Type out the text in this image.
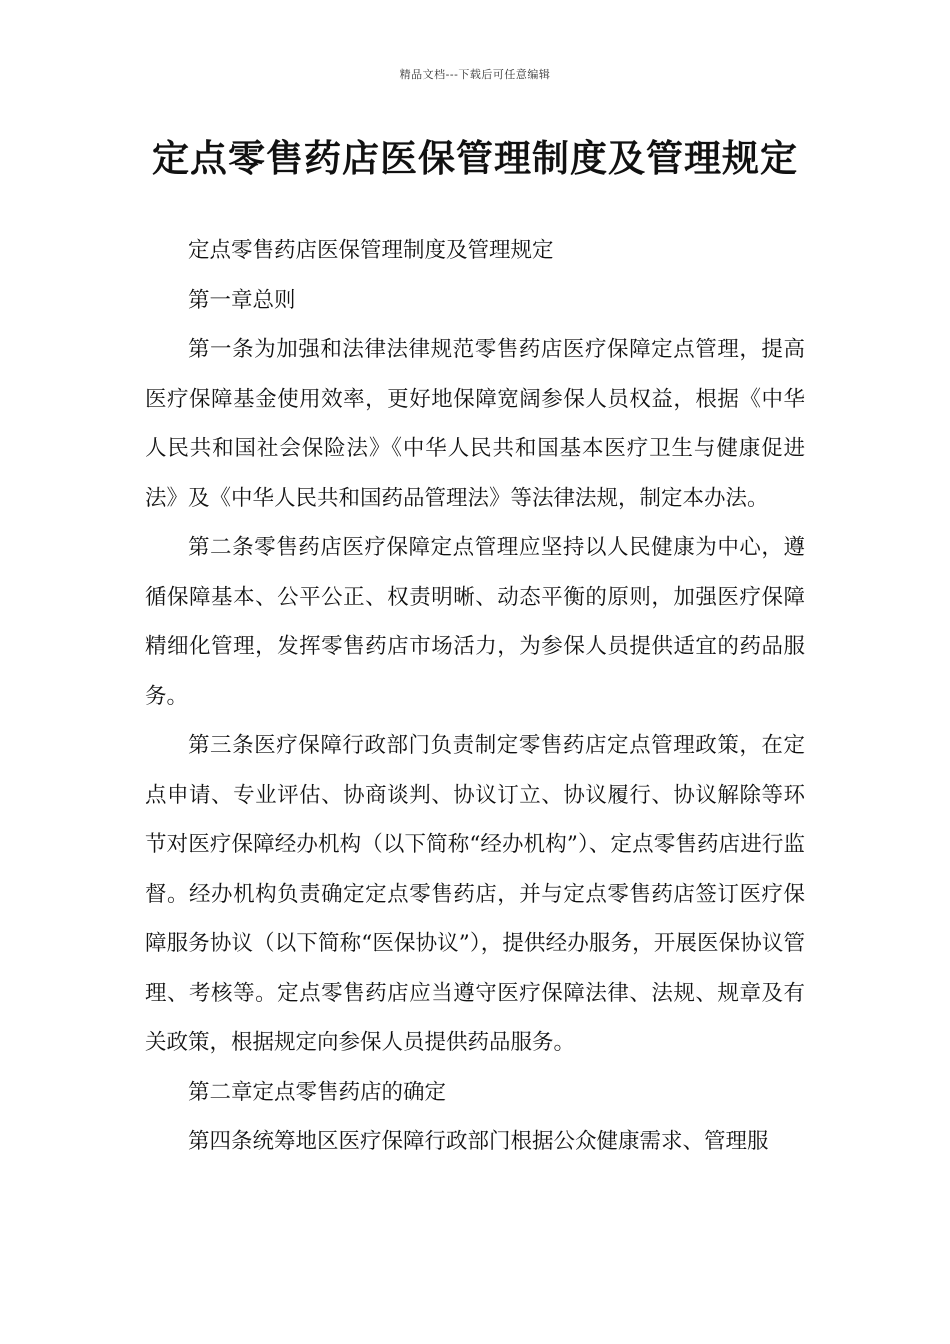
精品文档---下载后可任意编辑
定点零售药店医保管理制度及管理规定

定点零售药店医保管理制度及管理规定

第一章总则

第一条为加强和法律法律规范零售药店医疗保障定点管理，提高医疗保障基金使用效率，更好地保障宽阔参保人员权益，根据《中华人民共和国社会保险法》《中华人民共和国基本医疗卫生与健康促进法》及《中华人民共和国药品管理法》等法律法规，制定本办法。

第二条零售药店医疗保障定点管理应坚持以人民健康为中心，遵循保障基本、公平公正、权责明晰、动态平衡的原则，加强医疗保障精细化管理，发挥零售药店市场活力，为参保人员提供适宜的药品服务。

第三条医疗保障行政部门负责制定零售药店定点管理政策，在定点申请、专业评估、协商谈判、协议订立、协议履行、协议解除等环节对医疗保障经办机构（以下简称“经办机构”）、定点零售药店进行监督。经办机构负责确定定点零售药店，并与定点零售药店签订医疗保障服务协议（以下简称“医保协议”），提供经办服务，开展医保协议管理、考核等。定点零售药店应当遵守医疗保障法律、法规、规章及有关政策，根据规定向参保人员提供药品服务。

第二章定点零售药店的确定

第四条统筹地区医疗保障行政部门根据公众健康需求、管理服
